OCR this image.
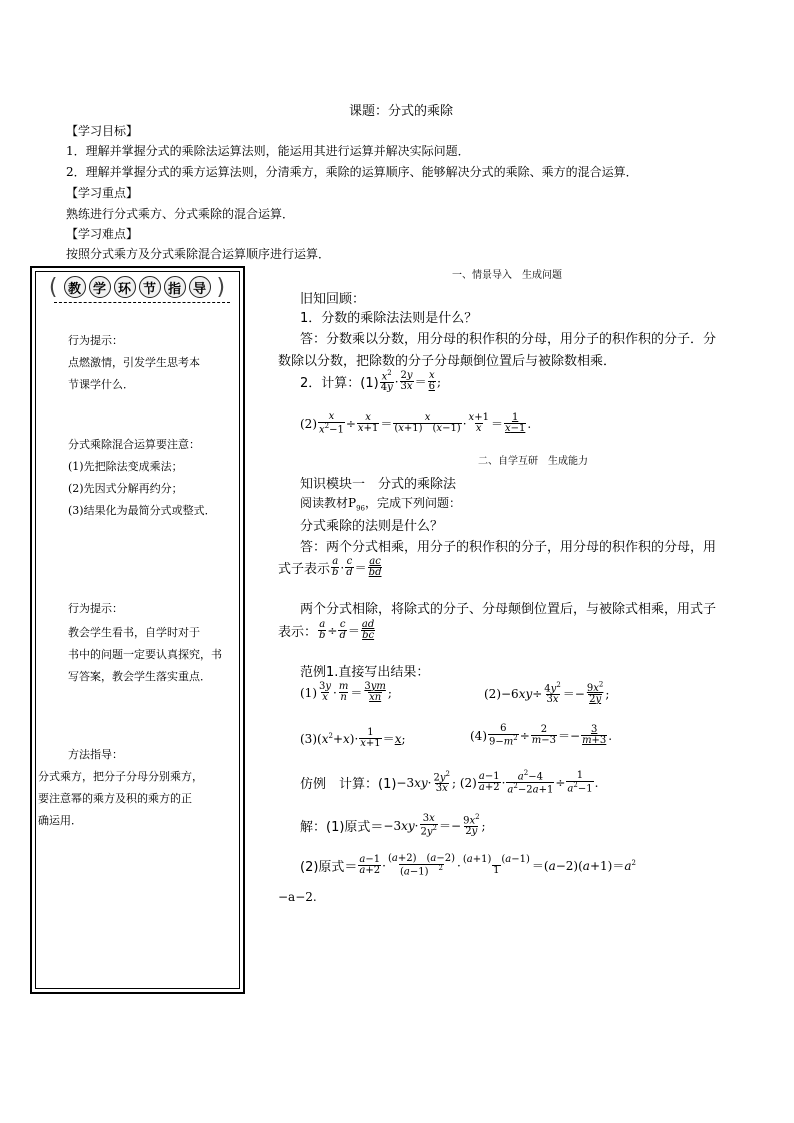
课题：分式的乘除
【学习目标】
1．理解并掌握分式的乘除法运算法则，能运用其进行运算并解决实际问题．
2．理解并掌握分式的乘方运算法则，分清乘方，乘除的运算顺序、能够解决分式的乘除、乘方的混合运算．
【学习重点】
熟练进行分式乘方、分式乘除的混合运算．
【学习难点】
按照分式乘方及分式乘除混合运算顺序进行运算．
( 教 学 环 节 指 导 )
行为提示：
点燃激情，引发学生思考本
节课学什么．
分式乘除混合运算要注意：
(1)先把除法变成乘法；
(2)先因式分解再约分；
(3)结果化为最简分式或整式．
行为提示：
教会学生看书，自学时对于
书中的问题一定要认真探究，书
写答案，教会学生落实重点．
方法指导：
分式乘方，把分子分母分别乘方，
要注意幂的乘方及积的乘方的正
确运用．
一、情景导入　生成问题
旧知回顾：
1．分数的乘除法法则是什么？
答：分数乘以分数，用分母的积作积的分母，用分子的积作积的分子．分
数除以分数，把除数的分子分母颠倒位置后与被除数相乘．
2．计算：$(1) \frac{x^2}{4y} \cdot \frac{2y}{3x} = \frac{x}{6}$ ;
$(2) \frac{x}{x^2-1} \div \frac{x}{x+1} = \frac{x}{(x+1) (x-1)} \cdot \frac{x+1}{x} = \frac{1}{x-1}$ .
二、自学互研　生成能力
知识模块一　分式的乘除法
阅读教材$P_{96}$，完成下列问题：
分式乘除的法则是什么？
答：两个分式相乘，用分子的积作积的分子，用分母的积作积的分母，用
式子表示 $\frac{a}{b} \cdot \frac{c}{d} = \frac{ac}{bd}$
两个分式相除，将除式的分子、分母颠倒位置后，与被除式相乘，用式子
表示： $\frac{a}{b} \div \frac{c}{d} = \frac{ad}{bc}$
范例1.直接写出结果：
$(1) \frac{3y}{x} \cdot \frac{m}{n} = \frac{3ym}{xn}$ ;	$(2)-6xy\div \frac{4y^2}{3x} =- \frac{9x^2}{2y}$ ;
$(3)(x^2+x)\cdot \frac{1}{x+1} =x$;	$(4) \frac{6}{9-m^2} \div \frac{2}{m-3} =- \frac{3}{m+3}$ .
仿例　计算：$(1) -3xy\cdot \frac{2y^2}{3x}$ ; $(2) \frac{a-1}{a+2} \cdot \frac{a^2-4}{a^2-2a+1} \div \frac{1}{a^2-1}$ .
解：(1)原式＝ $-3xy\cdot \frac{3x}{2y^2} =- \frac{9x^2}{2y}$ ;
(2)原式＝ $\frac{a-1}{a+2} \cdot \frac{(a+2) (a-2)}{(a-1) ^2} \cdot \frac{(a+1) (a-1)}{1} =(a-2)(a+1)=a^2$
−a−2.
